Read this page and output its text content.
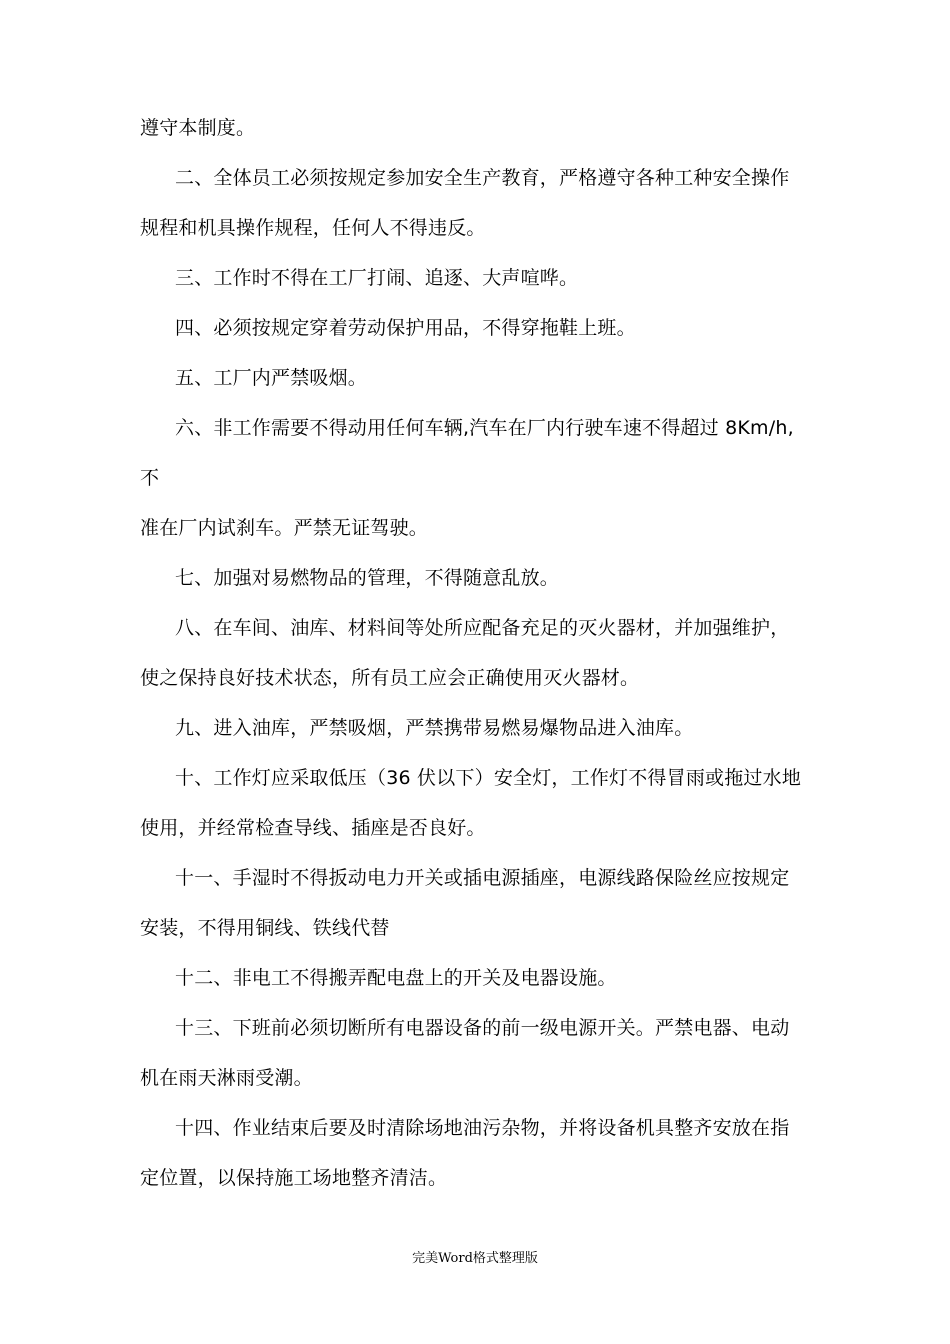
遵守本制度。
二、全体员工必须按规定参加安全生产教育，严格遵守各种工种安全操作
规程和机具操作规程，任何人不得违反。
三、工作时不得在工厂打闹、追逐、大声喧哗。
四、必须按规定穿着劳动保护用品，不得穿拖鞋上班。
五、工厂内严禁吸烟。
六、非工作需要不得动用任何车辆,汽车在厂内行驶车速不得超过 8Km/h,
不
准在厂内试刹车。严禁无证驾驶。
七、加强对易燃物品的管理，不得随意乱放。
八、在车间、油库、材料间等处所应配备充足的灭火器材，并加强维护，
使之保持良好技术状态，所有员工应会正确使用灭火器材。
九、进入油库，严禁吸烟，严禁携带易燃易爆物品进入油库。
十、工作灯应采取低压（36 伏以下）安全灯，工作灯不得冒雨或拖过水地
使用，并经常检查导线、插座是否良好。
十一、手湿时不得扳动电力开关或插电源插座，电源线路保险丝应按规定
安装，不得用铜线、铁线代替
十二、非电工不得搬弄配电盘上的开关及电器设施。
十三、下班前必须切断所有电器设备的前一级电源开关。严禁电器、电动
机在雨天淋雨受潮。
十四、作业结束后要及时清除场地油污杂物，并将设备机具整齐安放在指
定位置，以保持施工场地整齐清洁。
完美Word格式整理版
